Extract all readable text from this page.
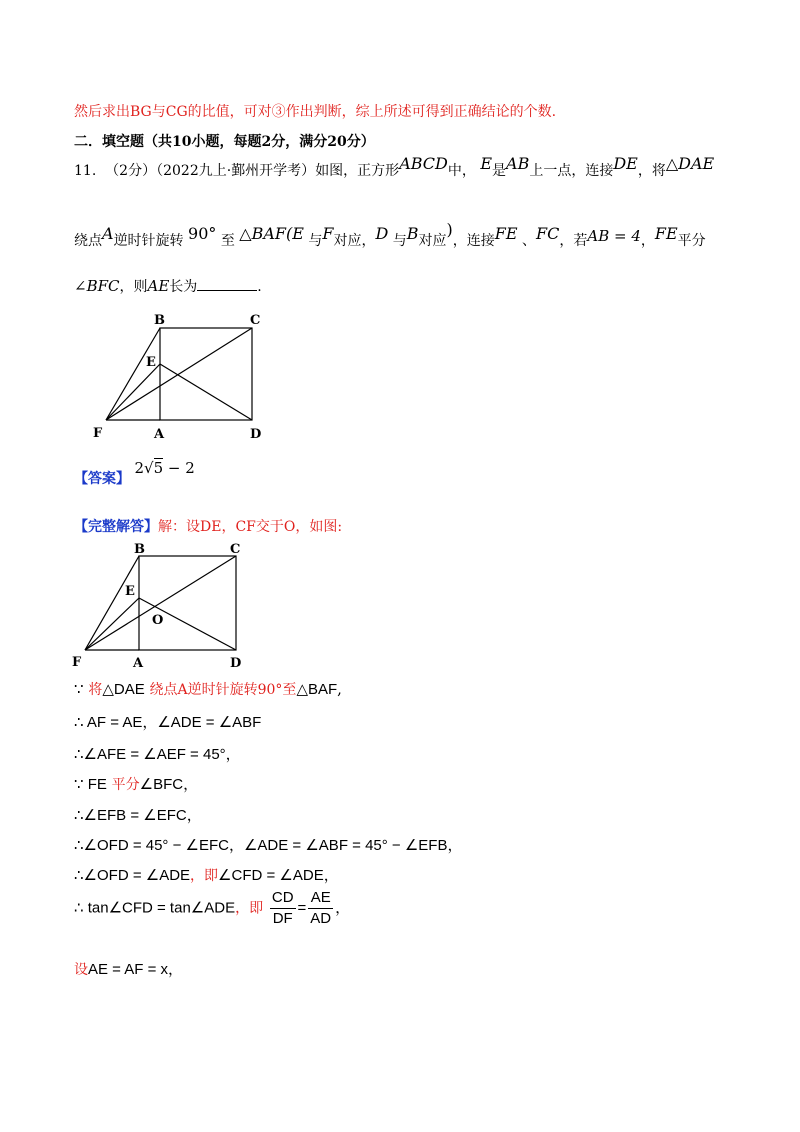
然后求出BG与CG的比值，可对③作出判断，综上所述可得到正确结论的个数.
二．填空题（共10小题，每题2分，满分20分）
11. （2分）（2022九上·鄞州开学考）如图，正方形ABCD中， E是AB上一点，连接DE，将△DAE
绕点A逆时针旋转 90° 至 △BAF(E 与F对应，D 与B对应)，连接FE 、FC，若AB = 4，FE平分
∠BFC，则AE长为	.
B	C
E
F	A	D
【答案】 2√5 − 2
【完整解答】解：设DE，CF交于O，如图:
B	C
E
O
F	A	D
∵ 将△DAE 绕点A逆时针旋转90°至△BAF,
∴ AF = AE，∠ADE = ∠ABF
∴∠AFE = ∠AEF = 45°，
∵ FE 平分∠BFC，
∴∠EFB = ∠EFC，
∴∠OFD = 45° − ∠EFC，∠ADE = ∠ABF = 45° − ∠EFB，
∴∠OFD = ∠ADE，即∠CFD = ∠ADE，
∴ tan∠CFD = tan∠ADE，即 $\frac{CD}{DF} = \frac{AE}{AD}$ ，
设AE = AF = x，
